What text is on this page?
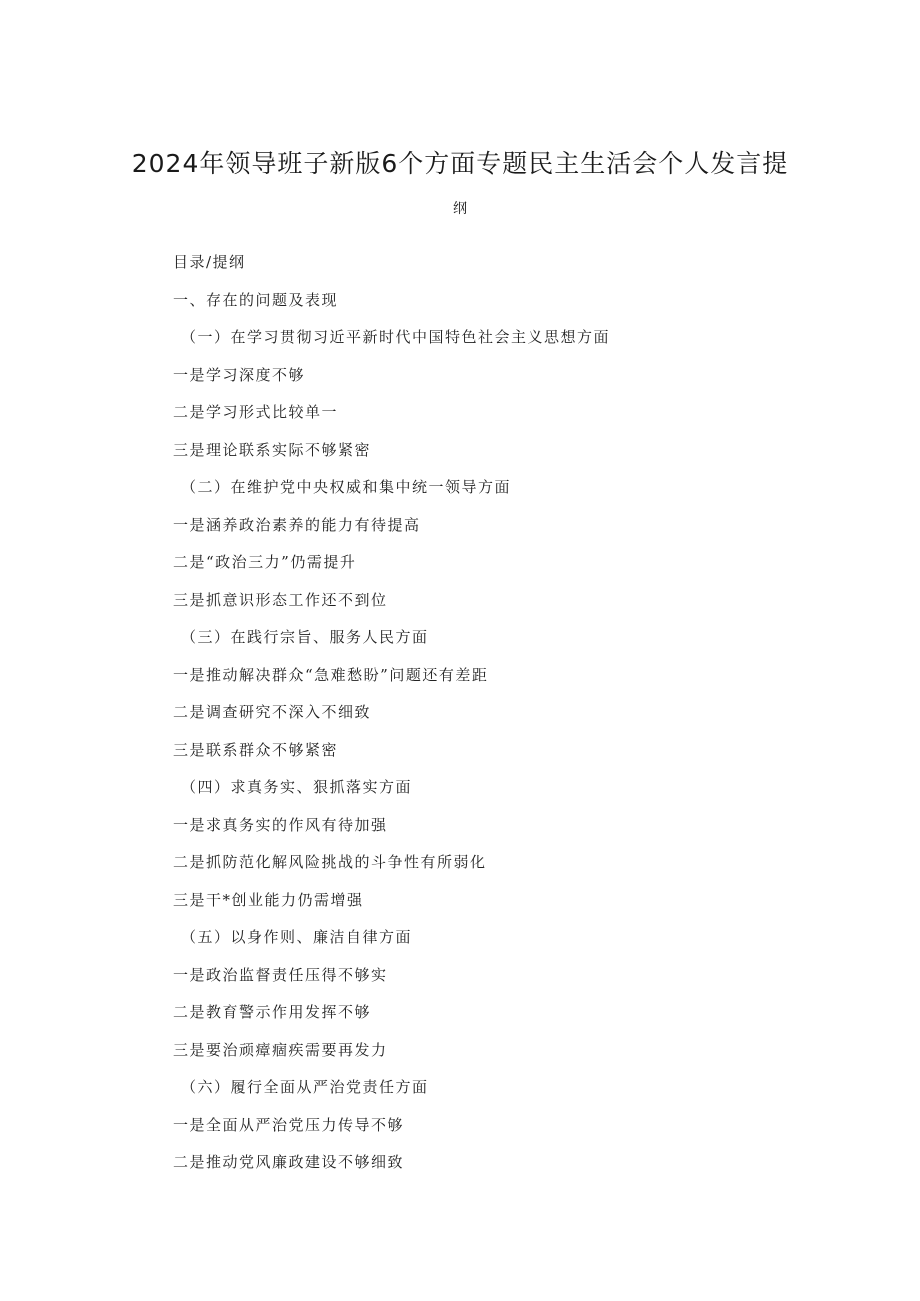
2024年领导班子新版6个方面专题民主生活会个人发言提
纲
目录/提纲
一、存在的问题及表现
（一）在学习贯彻习近平新时代中国特色社会主义思想方面
一是学习深度不够
二是学习形式比较单一
三是理论联系实际不够紧密
（二）在维护党中央权威和集中统一领导方面
一是涵养政治素养的能力有待提高
二是“政治三力”仍需提升
三是抓意识形态工作还不到位
（三）在践行宗旨、服务人民方面
一是推动解决群众“急难愁盼”问题还有差距
二是调查研究不深入不细致
三是联系群众不够紧密
（四）求真务实、狠抓落实方面
一是求真务实的作风有待加强
二是抓防范化解风险挑战的斗争性有所弱化
三是干*创业能力仍需增强
（五）以身作则、廉洁自律方面
一是政治监督责任压得不够实
二是教育警示作用发挥不够
三是要治顽瘴痼疾需要再发力
（六）履行全面从严治党责任方面
一是全面从严治党压力传导不够
二是推动党风廉政建设不够细致
